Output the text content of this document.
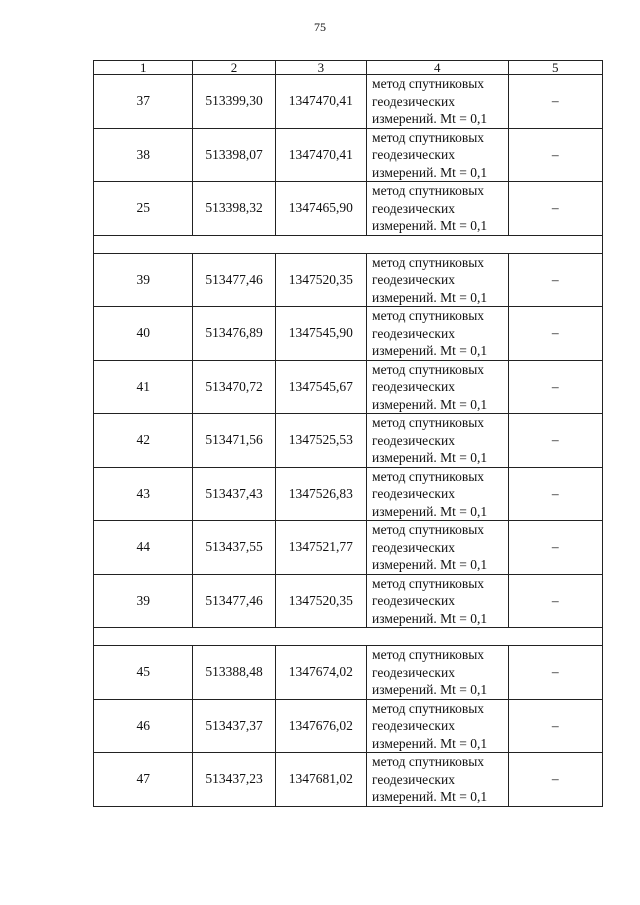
75
1	2	3	4	5
37	513399,30	1347470,41	метод спутниковых
геодезических
измерений. Mt = 0,1	–
38	513398,07	1347470,41	метод спутниковых
геодезических
измерений. Mt = 0,1	–
25	513398,32	1347465,90	метод спутниковых
геодезических
измерений. Mt = 0,1	–

39	513477,46	1347520,35	метод спутниковых
геодезических
измерений. Mt = 0,1	–
40	513476,89	1347545,90	метод спутниковых
геодезических
измерений. Mt = 0,1	–
41	513470,72	1347545,67	метод спутниковых
геодезических
измерений. Mt = 0,1	–
42	513471,56	1347525,53	метод спутниковых
геодезических
измерений. Mt = 0,1	–
43	513437,43	1347526,83	метод спутниковых
геодезических
измерений. Mt = 0,1	–
44	513437,55	1347521,77	метод спутниковых
геодезических
измерений. Mt = 0,1	–
39	513477,46	1347520,35	метод спутниковых
геодезических
измерений. Mt = 0,1	–

45	513388,48	1347674,02	метод спутниковых
геодезических
измерений. Mt = 0,1	–
46	513437,37	1347676,02	метод спутниковых
геодезических
измерений. Mt = 0,1	–
47	513437,23	1347681,02	метод спутниковых
геодезических
измерений. Mt = 0,1	–
